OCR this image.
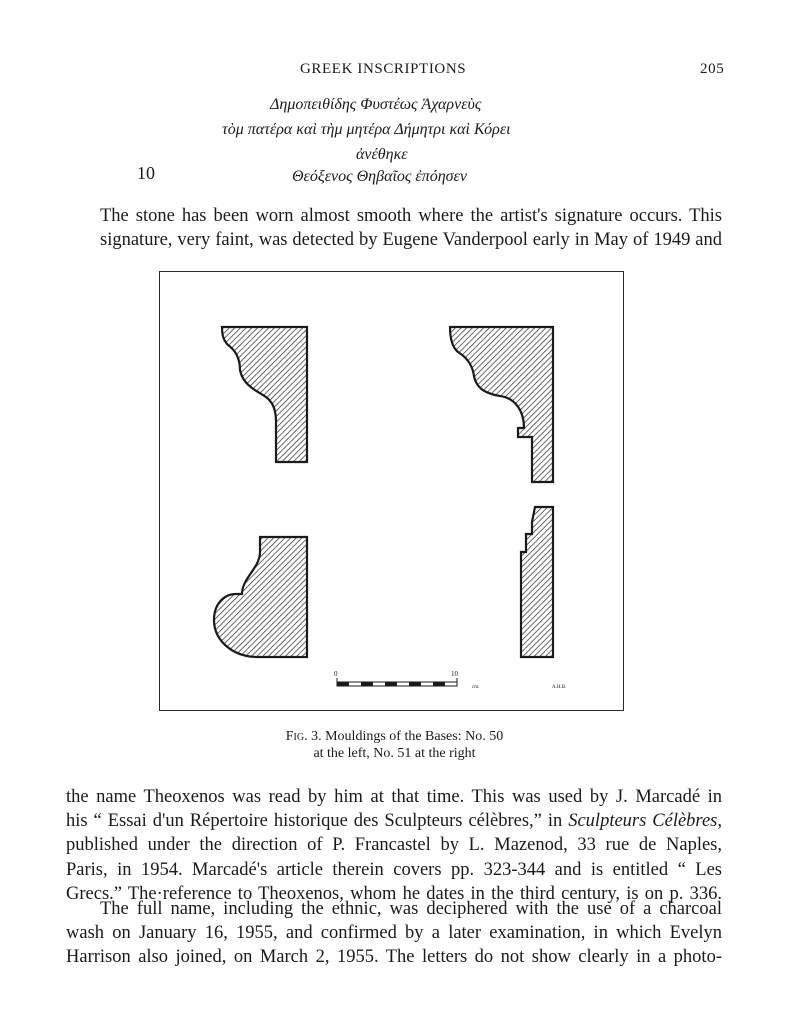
GREEK INSCRIPTIONS	205
Δημοπειθίδης Φυστέως Ἀχαρνεὺς
τὸμ πατέρα καὶ τὴμ μητέρα Δήμητρι καὶ Κόρει
ἀνέθηκε
10	Θεόξενος Θηβαῖος ἐπόησεν
The stone has been worn almost smooth where the artist's signature occurs. This
signature, very faint, was detected by Eugene Vanderpool early in May of 1949 and
0	10
cm.	A.H.B.
Fig. 3. Mouldings of the Bases: No. 50
at the left, No. 51 at the right
the name Theoxenos was read by him at that time. This was used by J. Marcadé in
his “ Essai d'un Répertoire historique des Sculpteurs célèbres,” in Sculpteurs Célèbres,
published under the direction of P. Francastel by L. Mazenod, 33 rue de Naples,
Paris, in 1954. Marcadé's article therein covers pp. 323-344 and is entitled “ Les
Grecs.” The·reference to Theoxenos, whom he dates in the third century, is on p. 336.
The full name, including the ethnic, was deciphered with the use of a charcoal
wash on January 16, 1955, and confirmed by a later examination, in which Evelyn
Harrison also joined, on March 2, 1955. The letters do not show clearly in a photo-
